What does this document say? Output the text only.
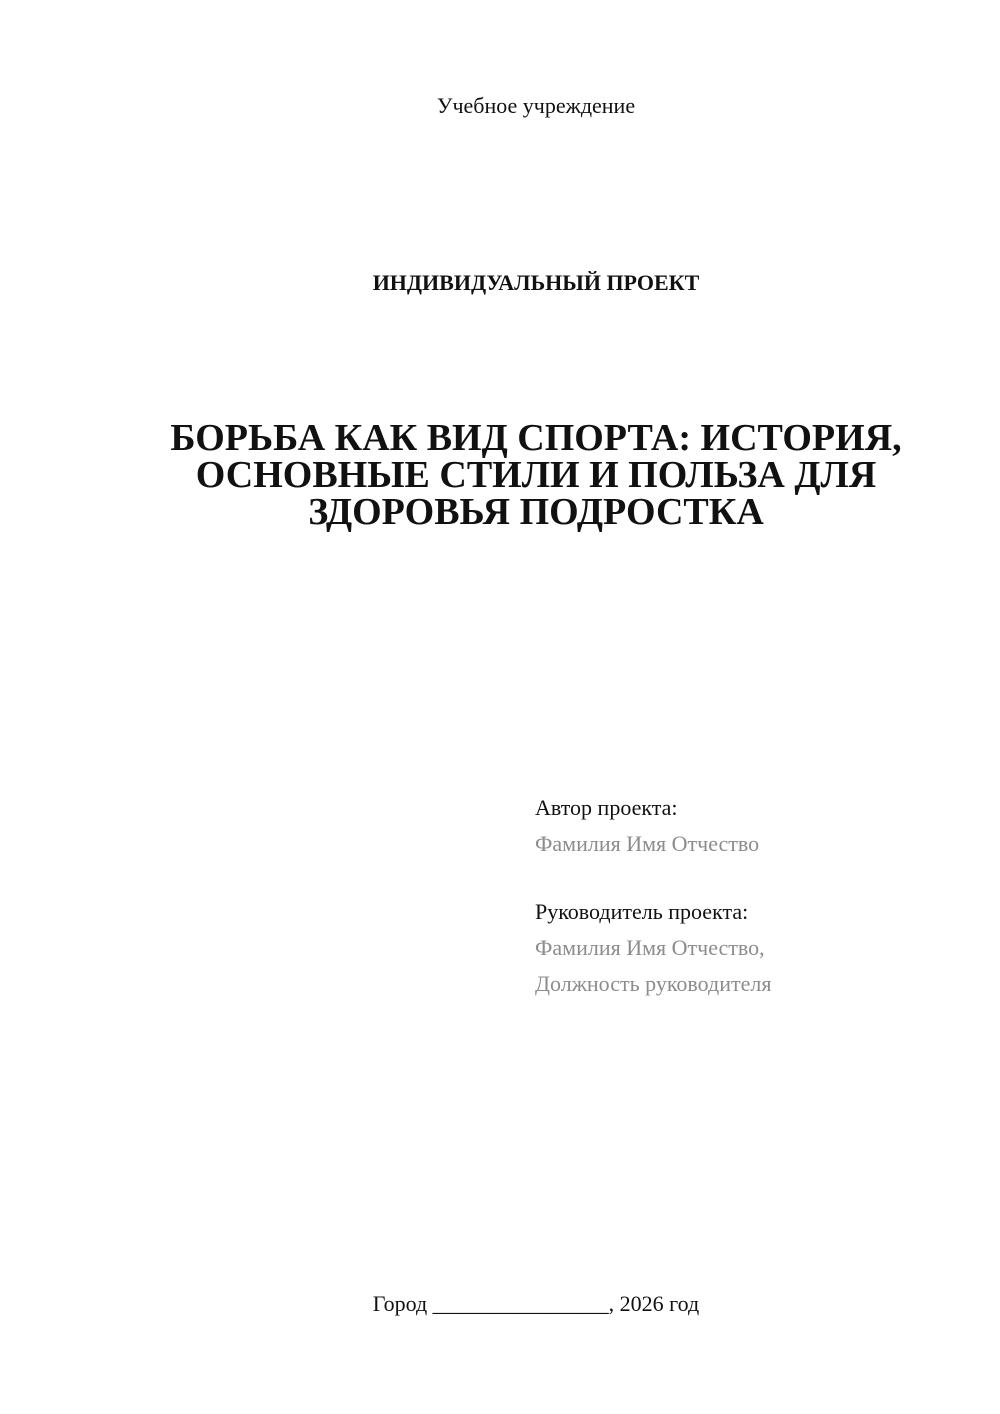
Учебное учреждение
ИНДИВИДУАЛЬНЫЙ ПРОЕКТ
БОРЬБА КАК ВИД СПОРТА: ИСТОРИЯ,
ОСНОВНЫЕ СТИЛИ И ПОЛЬЗА ДЛЯ
ЗДОРОВЬЯ ПОДРОСТКА
Автор проекта:
Фамилия Имя Отчество
Руководитель проекта:
Фамилия Имя Отчество,
Должность руководителя
Город ________________, 2026 год
